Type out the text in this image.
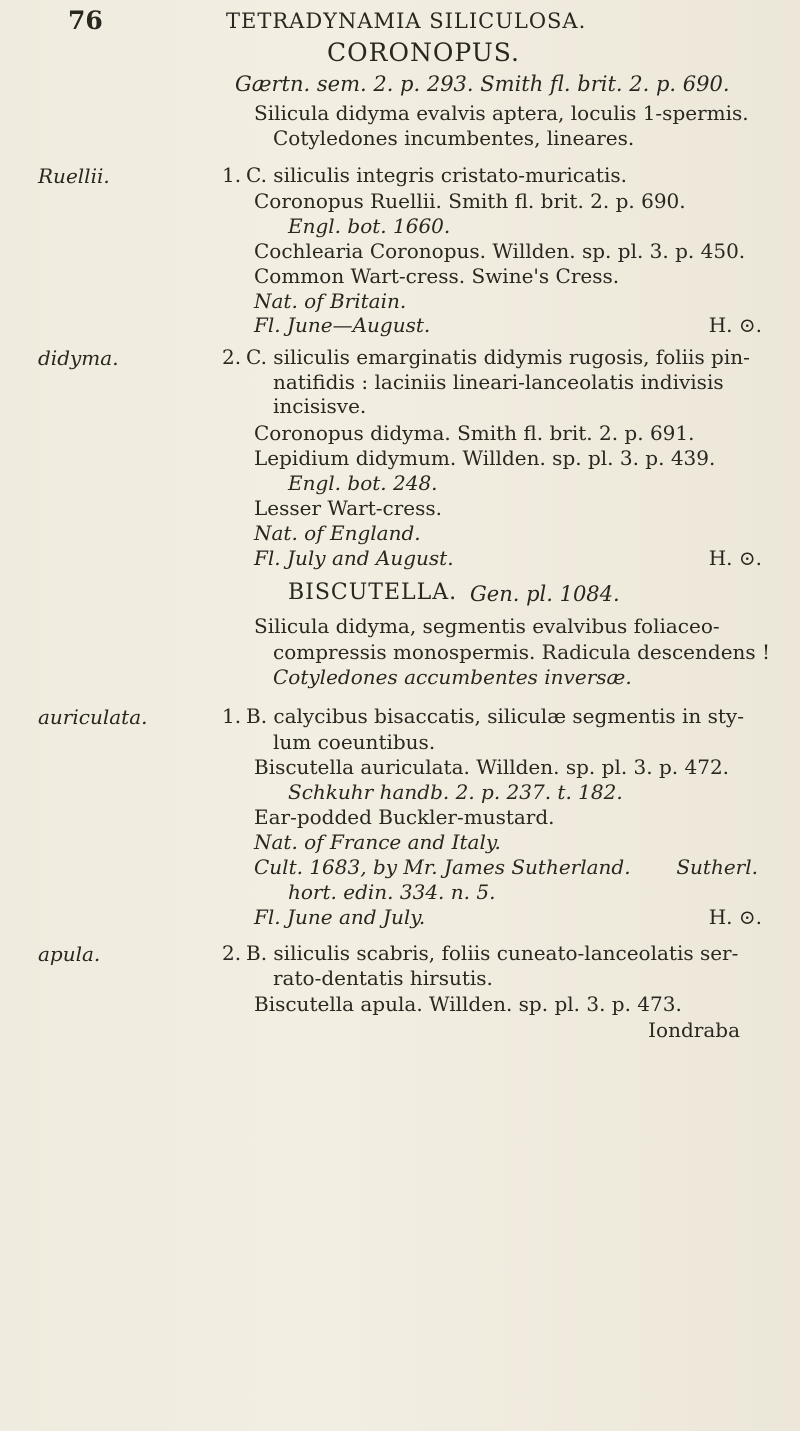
76	TETRADYNAMIA SILICULOSA.
CORONOPUS.
Gærtn. sem. 2. p. 293. Smith fl. brit. 2. p. 690.
Silicula didyma evalvis aptera, loculis 1-spermis.
Cotyledones incumbentes, lineares.
Ruellii.	1. C. siliculis integris cristato-muricatis.
Coronopus Ruellii. Smith fl. brit. 2. p. 690.
Engl. bot. 1660.
Cochlearia Coronopus. Willden. sp. pl. 3. p. 450.
Common Wart-cress. Swine's Cress.
Nat. of Britain.
Fl. June—August.	H. ⊙.
didyma.	2. C. siliculis emarginatis didymis rugosis, foliis pin-
natifidis : laciniis lineari-lanceolatis indivisis
incisisve.
Coronopus didyma. Smith fl. brit. 2. p. 691.
Lepidium didymum. Willden. sp. pl. 3. p. 439.
Engl. bot. 248.
Lesser Wart-cress.
Nat. of England.
Fl. July and August.	H. ⊙.
BISCUTELLA. Gen. pl. 1084.
Silicula didyma, segmentis evalvibus foliaceo-
compressis monospermis. Radicula descendens !
Cotyledones accumbentes inversæ.
auriculata.	1. B. calycibus bisaccatis, siliculæ segmentis in sty-
lum coeuntibus.
Biscutella auriculata. Willden. sp. pl. 3. p. 472.
Schkuhr handb. 2. p. 237. t. 182.
Ear-podded Buckler-mustard.
Nat. of France and Italy.
Cult. 1683, by Mr. James Sutherland. Sutherl.
hort. edin. 334. n. 5.
Fl. June and July.	H. ⊙.
apula.	2. B. siliculis scabris, foliis cuneato-lanceolatis ser-
rato-dentatis hirsutis.
Biscutella apula. Willden. sp. pl. 3. p. 473.
Iondraba
